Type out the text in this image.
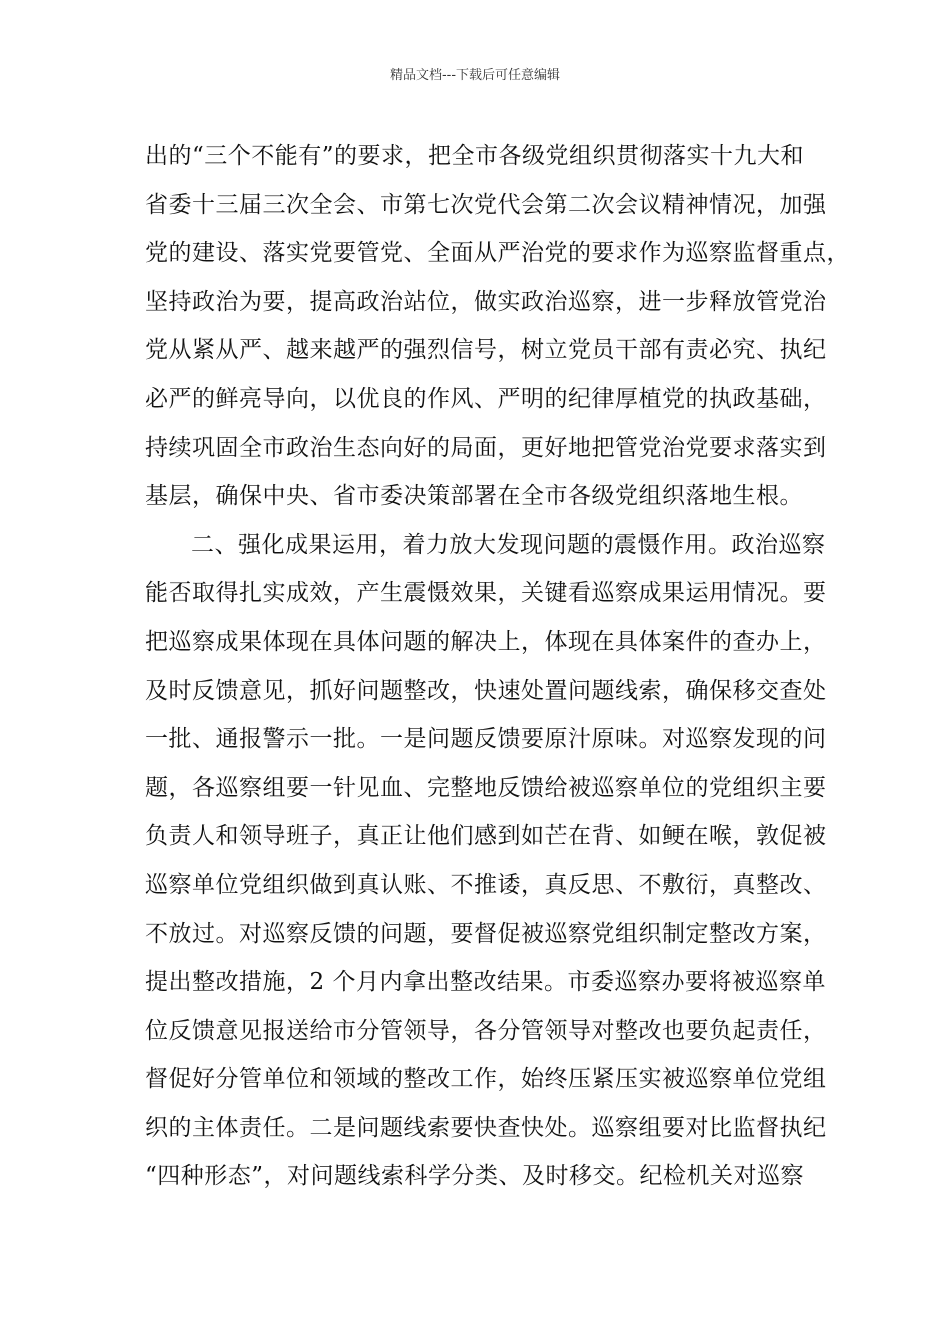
精品文档---下载后可任意编辑
出的“三个不能有”的要求，把全市各级党组织贯彻落实十九大和
省委十三届三次全会、市第七次党代会第二次会议精神情况，加强
党的建设、落实党要管党、全面从严治党的要求作为巡察监督重点，
坚持政治为要，提高政治站位，做实政治巡察，进一步释放管党治
党从紧从严、越来越严的强烈信号，树立党员干部有责必究、执纪
必严的鲜亮导向，以优良的作风、严明的纪律厚植党的执政基础，
持续巩固全市政治生态向好的局面，更好地把管党治党要求落实到
基层，确保中央、省市委决策部署在全市各级党组织落地生根。
二、强化成果运用，着力放大发现问题的震慑作用。政治巡察
能否取得扎实成效，产生震慑效果，关键看巡察成果运用情况。要
把巡察成果体现在具体问题的解决上，体现在具体案件的查办上，
及时反馈意见，抓好问题整改，快速处置问题线索，确保移交查处
一批、通报警示一批。一是问题反馈要原汁原味。对巡察发现的问
题，各巡察组要一针见血、完整地反馈给被巡察单位的党组织主要
负责人和领导班子，真正让他们感到如芒在背、如鲠在喉，敦促被
巡察单位党组织做到真认账、不推诿，真反思、不敷衍，真整改、
不放过。对巡察反馈的问题，要督促被巡察党组织制定整改方案，
提出整改措施，2 个月内拿出整改结果。市委巡察办要将被巡察单
位反馈意见报送给市分管领导，各分管领导对整改也要负起责任，
督促好分管单位和领域的整改工作，始终压紧压实被巡察单位党组
织的主体责任。二是问题线索要快查快处。巡察组要对比监督执纪
“四种形态”，对问题线索科学分类、及时移交。纪检机关对巡察
